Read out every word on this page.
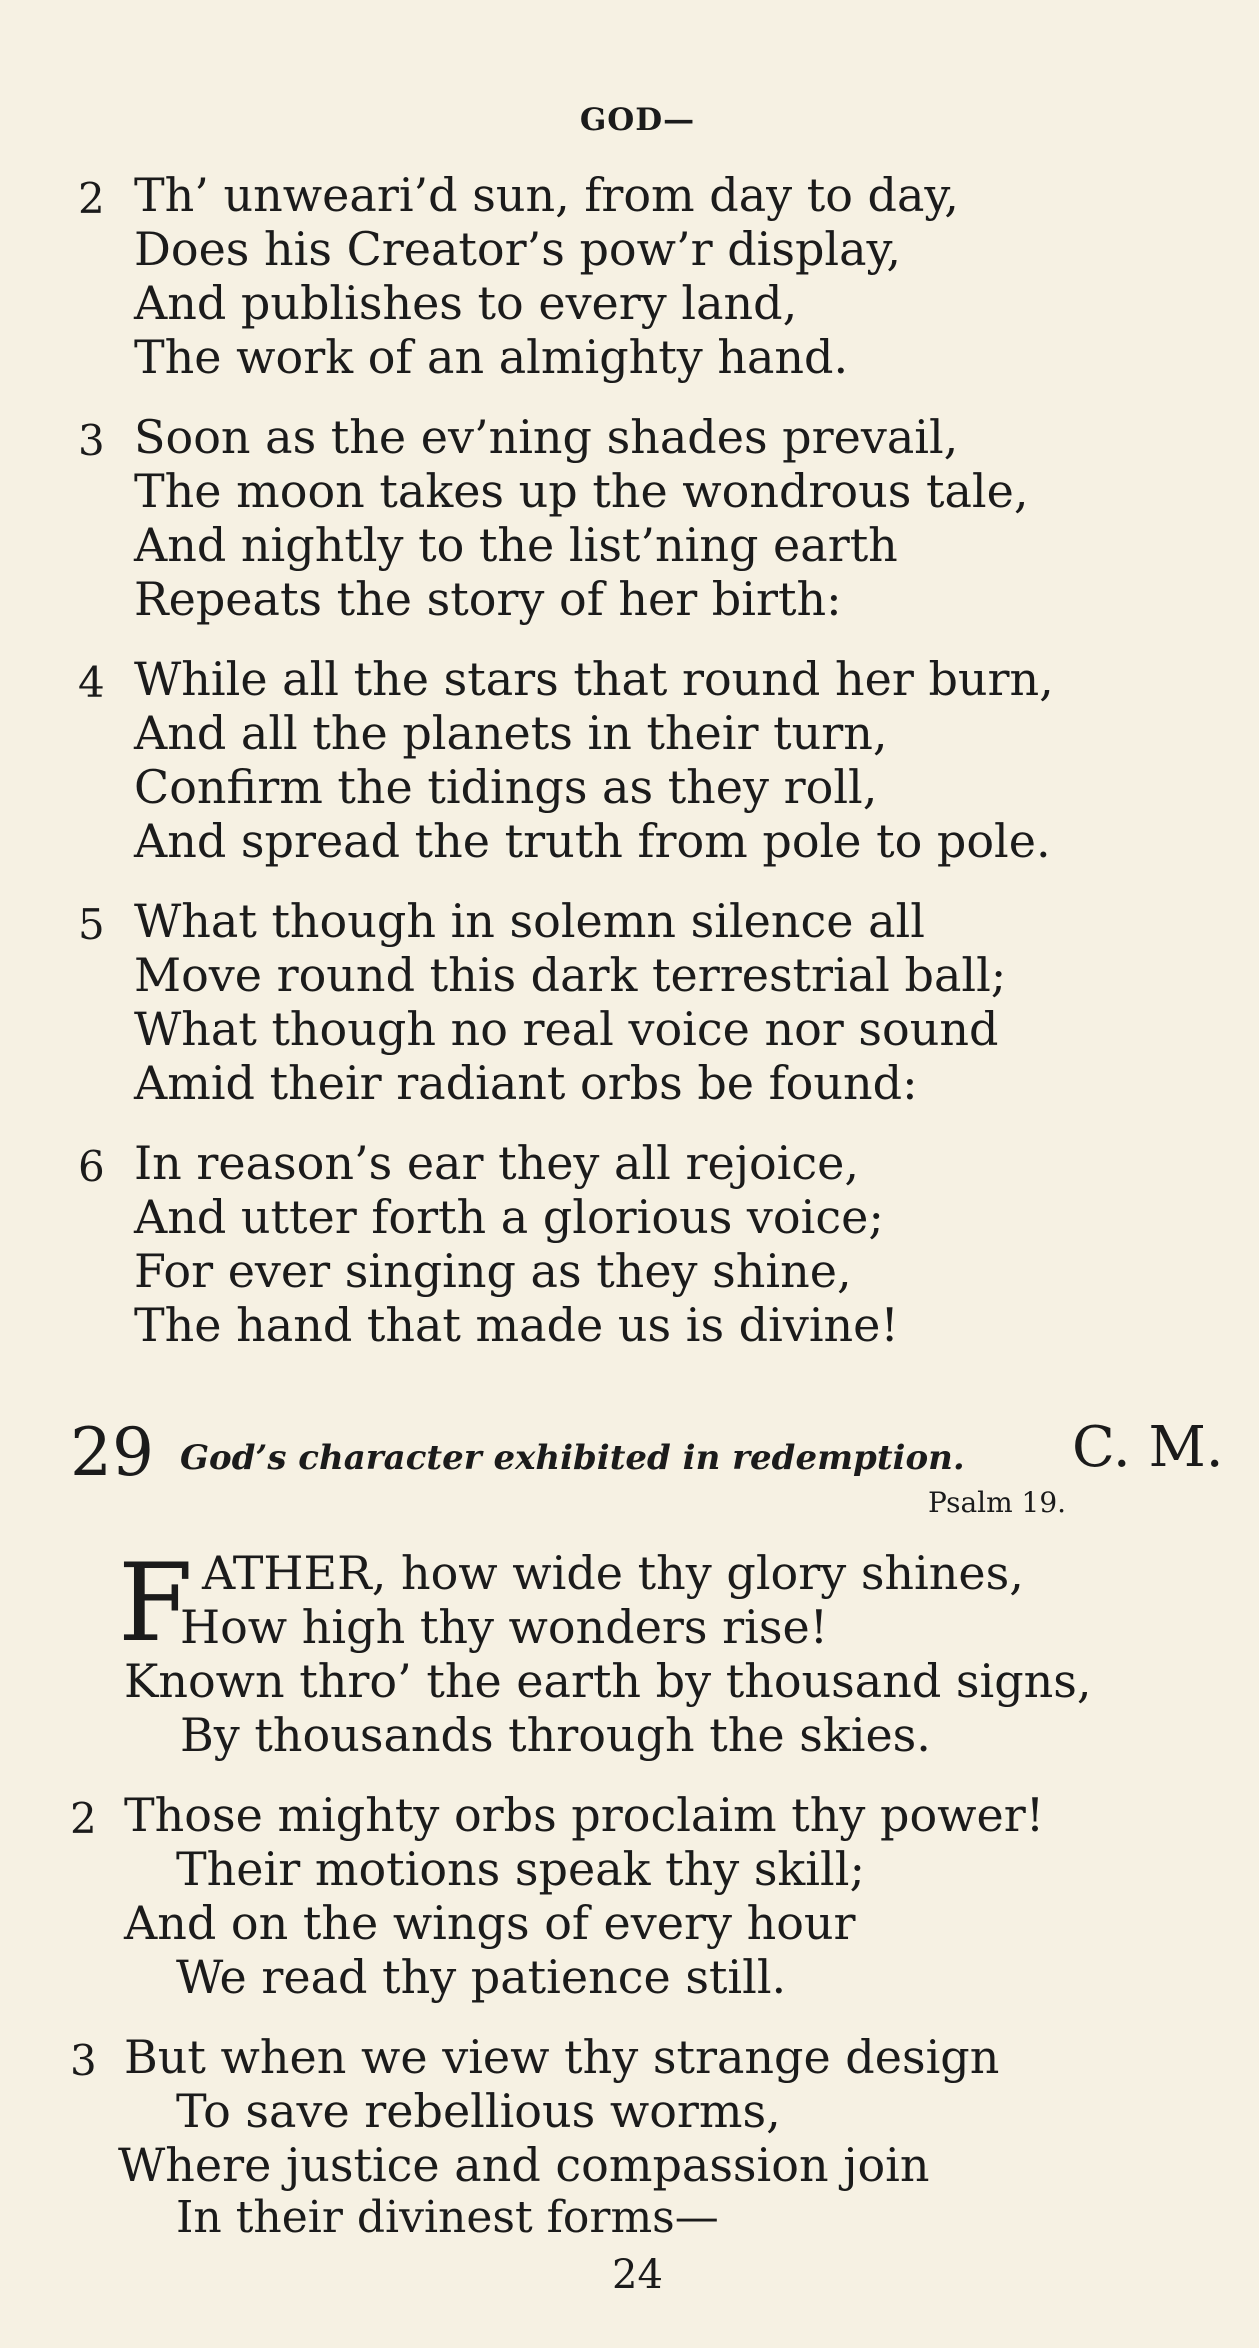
GOD—
2 Th’ unweari’d sun, from day to day,
Does his Creator’s pow’r display,
And publishes to every land,
The work of an almighty hand.
3 Soon as the ev’ning shades prevail,
The moon takes up the wondrous tale,
And nightly to the list’ning earth
Repeats the story of her birth:
4 While all the stars that round her burn,
And all the planets in their turn,
Confirm the tidings as they roll,
And spread the truth from pole to pole.
5 What though in solemn silence all
Move round this dark terrestrial ball;
What though no real voice nor sound
Amid their radiant orbs be found:
6 In reason’s ear they all rejoice,
And utter forth a glorious voice;
For ever singing as they shine,
The hand that made us is divine!
29 God’s character exhibited in redemption. C. M.
Psalm 19.
F ATHER, how wide thy glory shines,
How high thy wonders rise!
Known thro’ the earth by thousand signs,
By thousands through the skies.
2 Those mighty orbs proclaim thy power!
Their motions speak thy skill;
And on the wings of every hour
We read thy patience still.
3 But when we view thy strange design
To save rebellious worms,
Where justice and compassion join
In their divinest forms—
24
